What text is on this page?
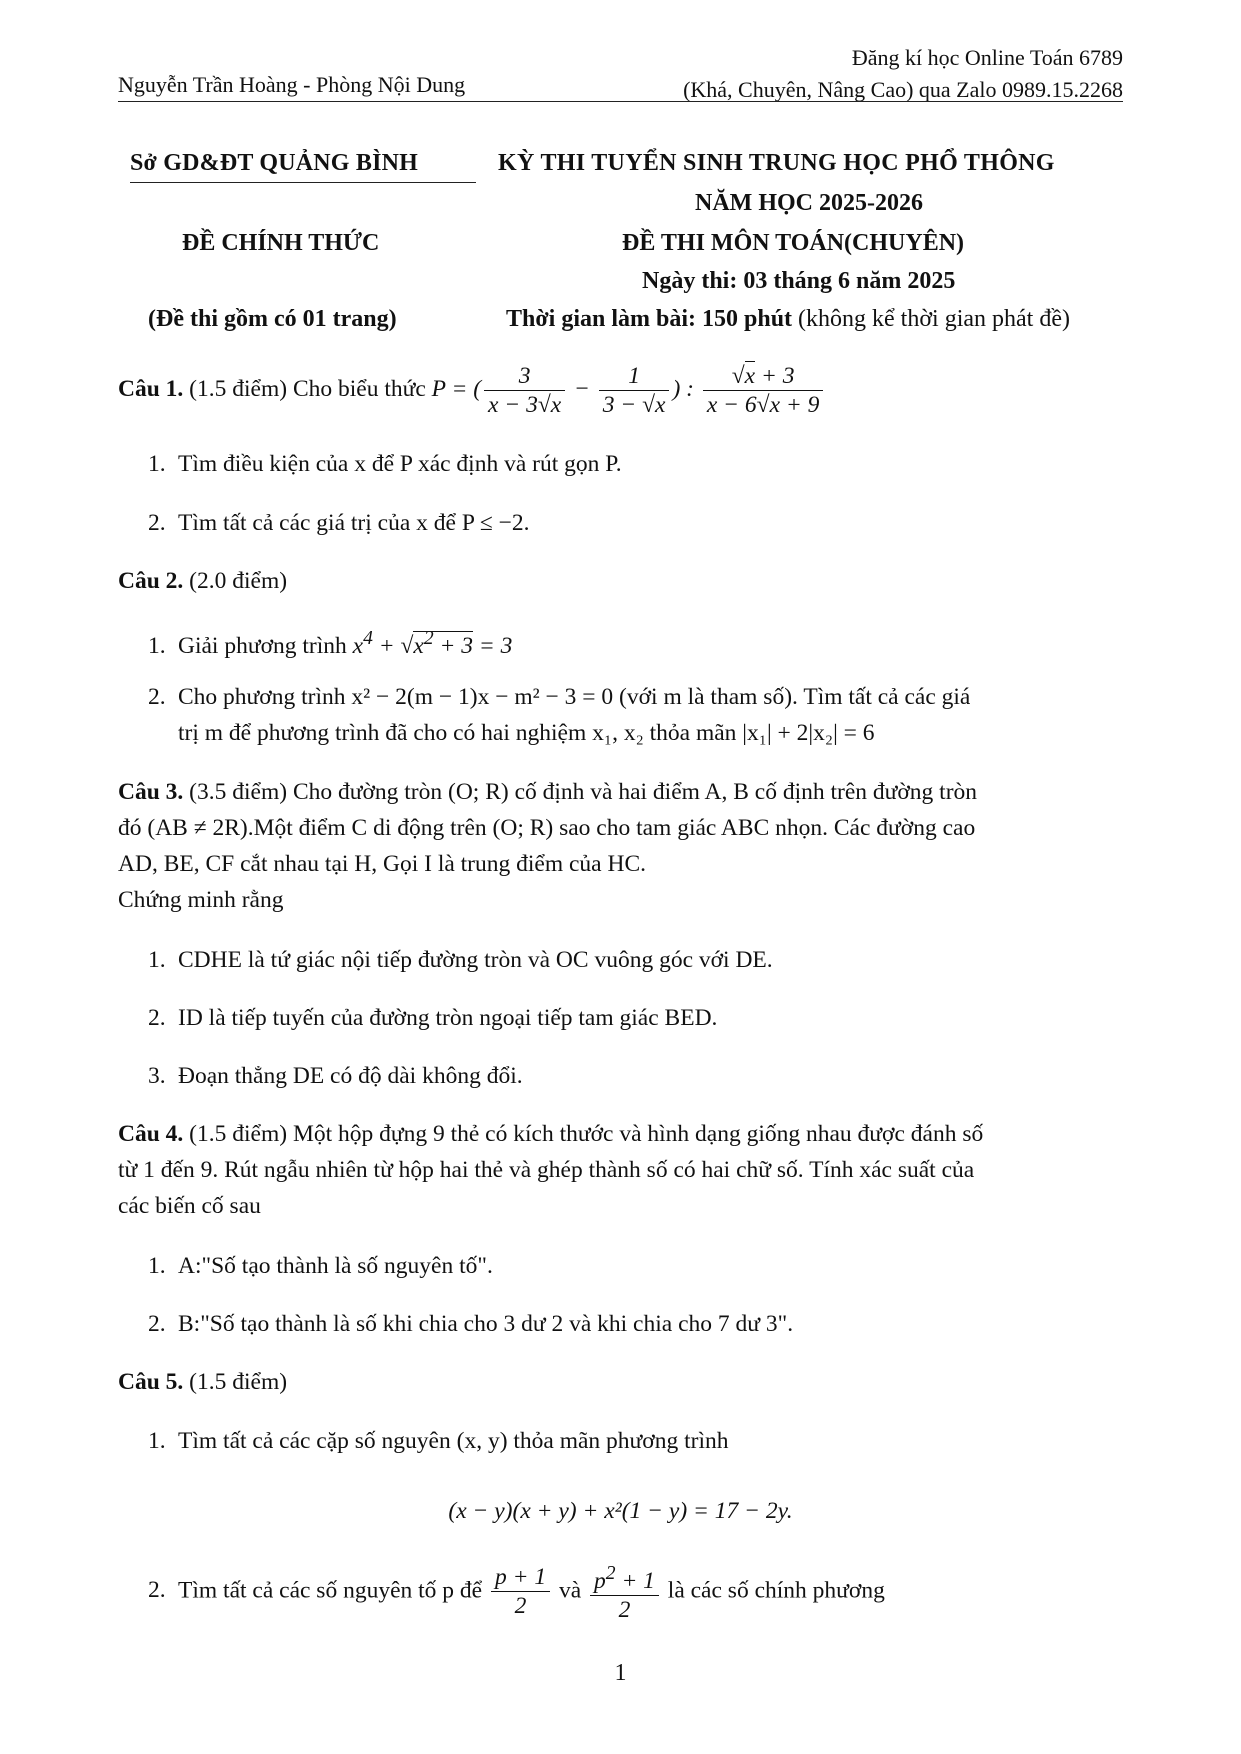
Nguyễn Trần Hoàng - Phòng Nội Dung
Đăng kí học Online Toán 6789
(Khá, Chuyên, Nâng Cao) qua Zalo 0989.15.2268
Sở GD&ĐT QUẢNG BÌNH
ĐỀ CHÍNH THỨC
(Đề thi gồm có 01 trang)
KỲ THI TUYỂN SINH TRUNG HỌC PHỔ THÔNG
NĂM HỌC 2025-2026
ĐỀ THI MÔN TOÁN(CHUYÊN)
Ngày thi: 03 tháng 6 năm 2025
Thời gian làm bài: 150 phút (không kể thời gian phát đề)
Câu 1. (1.5 điểm) Cho biểu thức P = ( $\frac{3}{x - 3√x} - \frac{1}{3 - √x}$ ) : $\frac{√x + 3}{x - 6√x + 9}$
1. Tìm điều kiện của x để P xác định và rút gọn P.
2. Tìm tất cả các giá trị của x để P ≤ −2.
Câu 2. (2.0 điểm)
1. Giải phương trình $x^4 + √x^2 + 3 = 3$
2. Cho phương trình x² − 2(m − 1)x − m² − 3 = 0 (với m là tham số). Tìm tất cả các giá
trị m để phương trình đã cho có hai nghiệm x₁, x₂ thỏa mãn |x₁| + 2|x₂| = 6
Câu 3. (3.5 điểm) Cho đường tròn (O; R) cố định và hai điểm A, B cố định trên đường tròn
đó (AB ≠ 2R).Một điểm C di động trên (O; R) sao cho tam giác ABC nhọn. Các đường cao
AD, BE, CF cắt nhau tại H, Gọi I là trung điểm của HC.
Chứng minh rằng
1. CDHE là tứ giác nội tiếp đường tròn và OC vuông góc với DE.
2. ID là tiếp tuyến của đường tròn ngoại tiếp tam giác BED.
3. Đoạn thẳng DE có độ dài không đổi.
Câu 4. (1.5 điểm) Một hộp đựng 9 thẻ có kích thước và hình dạng giống nhau được đánh số
từ 1 đến 9. Rút ngẫu nhiên từ hộp hai thẻ và ghép thành số có hai chữ số. Tính xác suất của
các biến cố sau
1. A:"Số tạo thành là số nguyên tố".
2. B:"Số tạo thành là số khi chia cho 3 dư 2 và khi chia cho 7 dư 3".
Câu 5. (1.5 điểm)
1. Tìm tất cả các cặp số nguyên (x, y) thỏa mãn phương trình
(x − y)(x + y) + x²(1 − y) = 17 − 2y.
2. Tìm tất cả các số nguyên tố p để $\frac{p + 1}{2}$ và $\frac{p^2 + 1}{2}$ là các số chính phương
1
